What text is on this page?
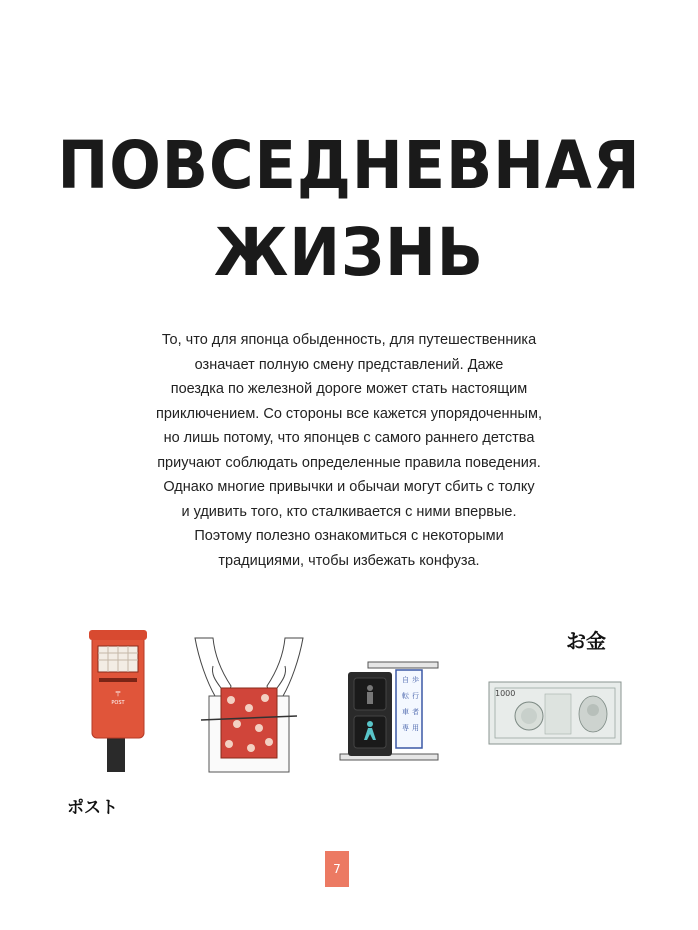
ПОВСЕДНЕВНАЯ
ЖИЗНЬ
То, что для японца обыденность, для путешественника
означает полную смену представлений. Даже
поездка по железной дороге может стать настоящим
приключением. Со стороны все кажется упорядоченным,
но лишь потому, что японцев с самого раннего детства
приучают соблюдать определенные правила поведения.
Однако многие привычки и обычаи могут сбить с толку
и удивить того, кто сталкивается с ними впервые.
Поэтому полезно ознакомиться с некоторыми
традициями, чтобы избежать конфуза.
〒
POST
ポスト
自 歩
転 行
車 者
専 用
お金
1000
7
